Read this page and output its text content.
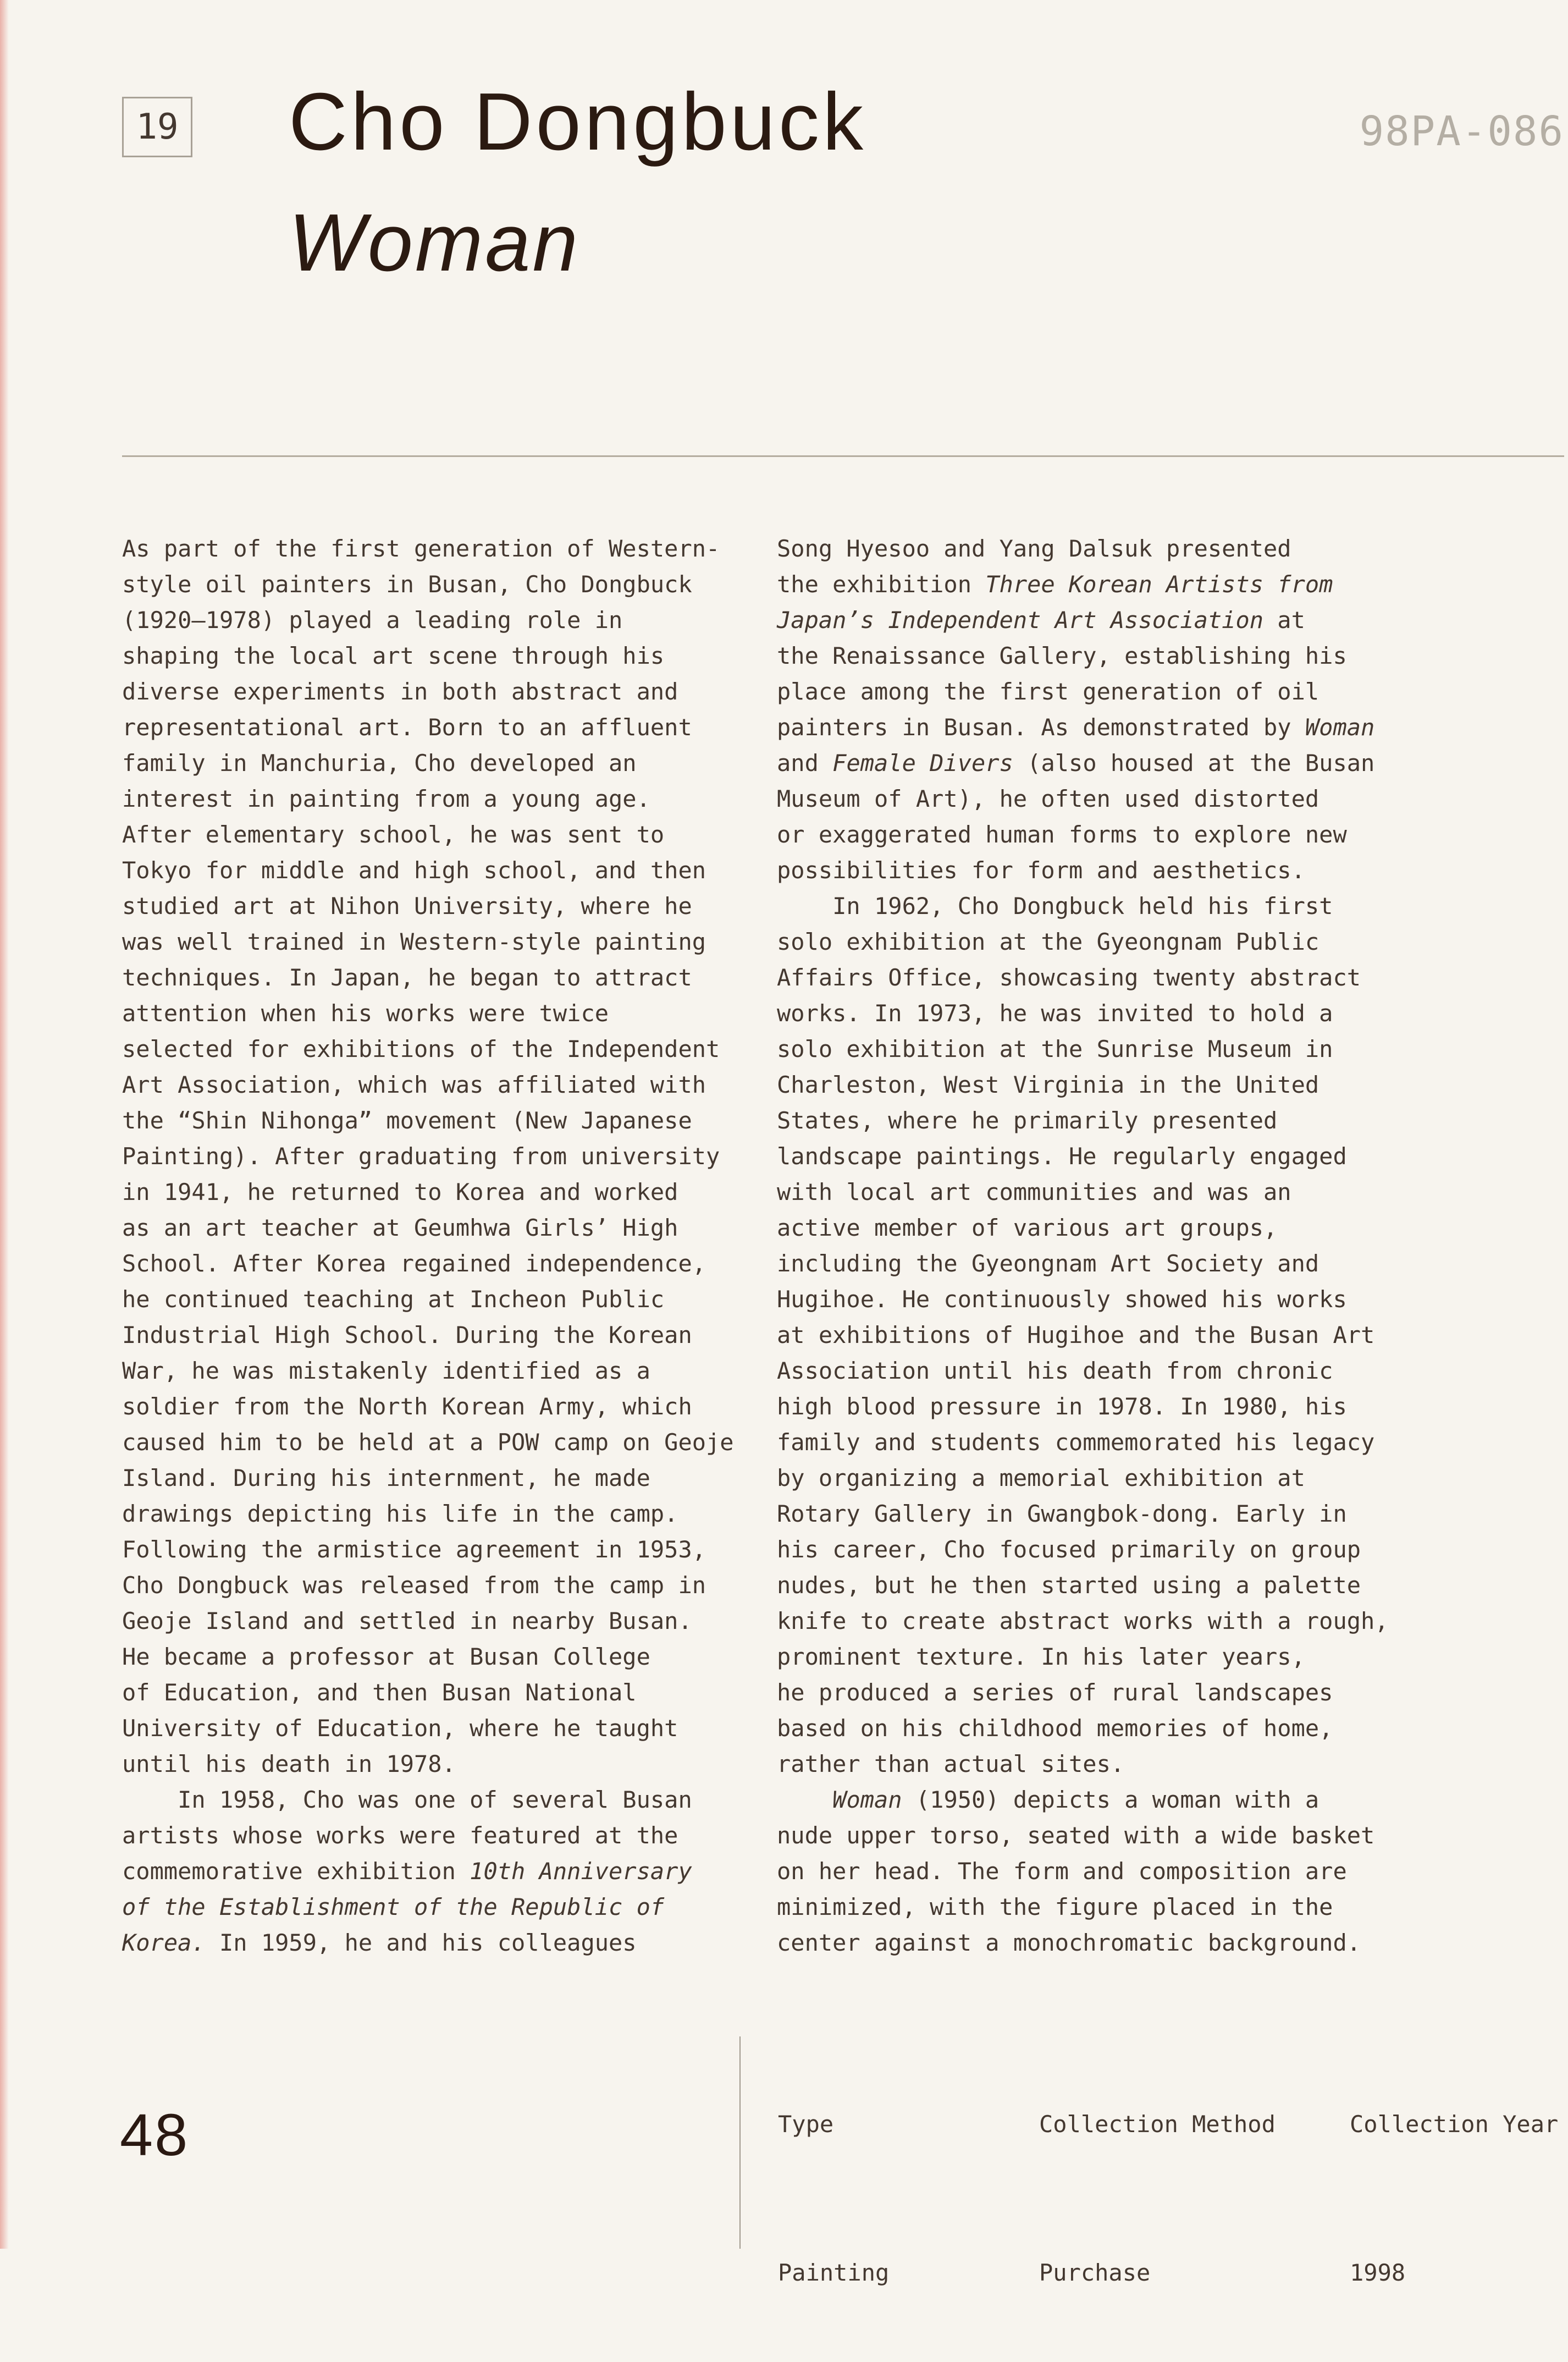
19 Cho Dongbuck
Woman
98PA-086
As part of the first generation of Western-
style oil painters in Busan, Cho Dongbuck
(1920–1978) played a leading role in
shaping the local art scene through his
diverse experiments in both abstract and
representational art. Born to an affluent
family in Manchuria, Cho developed an
interest in painting from a young age.
After elementary school, he was sent to
Tokyo for middle and high school, and then
studied art at Nihon University, where he
was well trained in Western-style painting
techniques. In Japan, he began to attract
attention when his works were twice
selected for exhibitions of the Independent
Art Association, which was affiliated with
the “Shin Nihonga” movement (New Japanese
Painting). After graduating from university
in 1941, he returned to Korea and worked
as an art teacher at Geumhwa Girls’ High
School. After Korea regained independence,
he continued teaching at Incheon Public
Industrial High School. During the Korean
War, he was mistakenly identified as a
soldier from the North Korean Army, which
caused him to be held at a POW camp on Geoje
Island. During his internment, he made
drawings depicting his life in the camp.
Following the armistice agreement in 1953,
Cho Dongbuck was released from the camp in
Geoje Island and settled in nearby Busan.
He became a professor at Busan College
of Education, and then Busan National
University of Education, where he taught
until his death in 1978.
In 1958, Cho was one of several Busan
artists whose works were featured at the
commemorative exhibition 10th Anniversary
of the Establishment of the Republic of
Korea. In 1959, he and his colleagues
Song Hyesoo and Yang Dalsuk presented
the exhibition Three Korean Artists from
Japan’s Independent Art Association at
the Renaissance Gallery, establishing his
place among the first generation of oil
painters in Busan. As demonstrated by Woman
and Female Divers (also housed at the Busan
Museum of Art), he often used distorted
or exaggerated human forms to explore new
possibilities for form and aesthetics.
In 1962, Cho Dongbuck held his first
solo exhibition at the Gyeongnam Public
Affairs Office, showcasing twenty abstract
works. In 1973, he was invited to hold a
solo exhibition at the Sunrise Museum in
Charleston, West Virginia in the United
States, where he primarily presented
landscape paintings. He regularly engaged
with local art communities and was an
active member of various art groups,
including the Gyeongnam Art Society and
Hugihoe. He continuously showed his works
at exhibitions of Hugihoe and the Busan Art
Association until his death from chronic
high blood pressure in 1978. In 1980, his
family and students commemorated his legacy
by organizing a memorial exhibition at
Rotary Gallery in Gwangbok-dong. Early in
his career, Cho focused primarily on group
nudes, but he then started using a palette
knife to create abstract works with a rough,
prominent texture. In his later years,
he produced a series of rural landscapes
based on his childhood memories of home,
rather than actual sites.
Woman (1950) depicts a woman with a
nude upper torso, seated with a wide basket
on her head. The form and composition are
minimized, with the figure placed in the
center against a monochromatic background.
48

	Type

Painting

Collection Method

Purchase

Collection Year

1998
